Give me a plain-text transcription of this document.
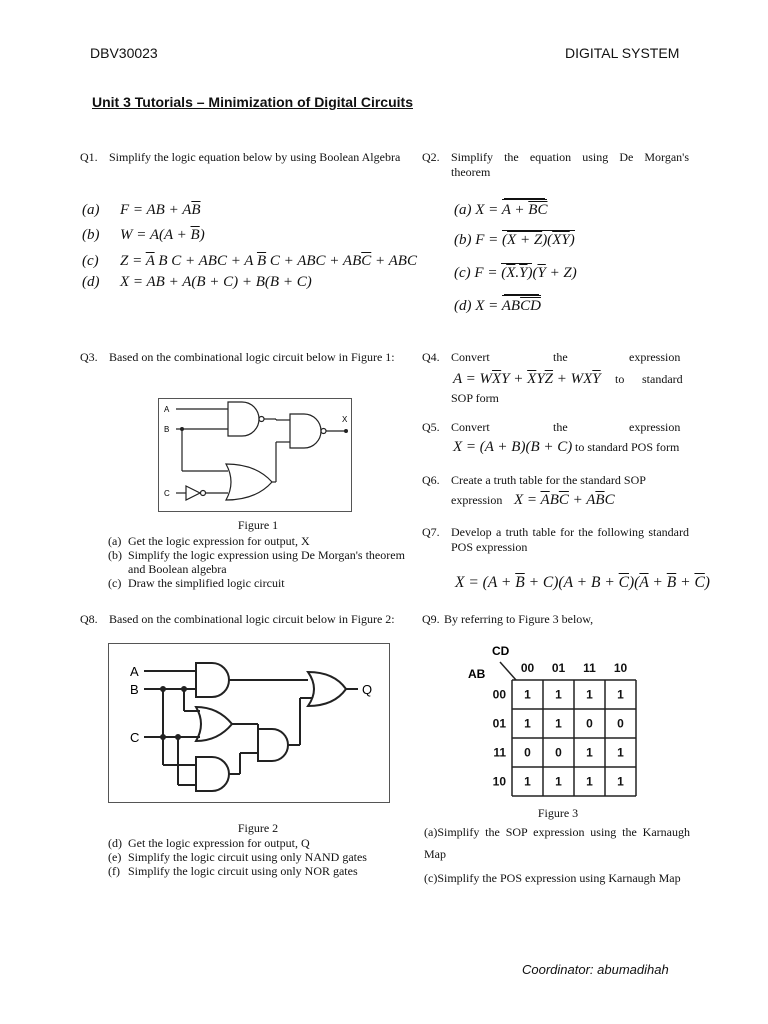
DBV30023	DIGITAL SYSTEM
Unit 3 Tutorials – Minimization of Digital Circuits
Q1. Simplify the logic equation below by using Boolean Algebra
(a) F = AB + $A\overline{B}$
(b) $W = A(A + \overline{B})$
(c) $Z = \overline{A}$ B C + ABC + A $\overline{B}$ C + ABC + $AB\overline{C}$ + ABC
(d) X = AB + A(B + C) + B(B + C)
Q2. Simplify the equation using De Morgan's theorem
(a) $X = A + \overline{BC}$
(b) $F = (X + Z)(\overline{XY})$
(c) $F = (\overline{X}.\overline{Y})(\overline{Y} + Z)$
(d) $X = AB\overline{CD}$
Q3. Based on the combinational logic circuit below in Figure 1:
A
B
C
X
Figure 1
(a) Get the logic expression for output, X
(b) Simplify the logic expression using De Morgan's theorem and Boolean algebra
(c) Draw the simplified logic circuit
Q4. Convert	the	expression
$A = W\overline{X}Y + \overline{X}Y\overline{Z} + WX\overline{Y}$ to standard
SOP form
Q5. Convert	the	expression
X = (A + B)(B + C) to standard POS form
Q6. Create a truth table for the standard SOP
expression $X = \overline{A}B\overline{C} + A\overline{B}C$
Q7. Develop a truth table for the following standard POS expression
$X = (A + \overline{B} + C)(A + B + \overline{C})(\overline{A} + \overline{B} + \overline{C})$
Q8. Based on the combinational logic circuit below in Figure 2:
A
B
C
Q
Figure 2
(d) Get the logic expression for output, Q
(e) Simplify the logic circuit using only NAND gates
(f) Simplify the logic circuit using only NOR gates
Q9. By referring to Figure 3 below,
CD
AB	00 01 11 10
00 1 1 1 1
01 1 1 0 0
11 0 0 1 1
10 1 1 1 1
Figure 3
(a)Simplify the SOP expression using the Karnaugh Map
(c)Simplify the POS expression using Karnaugh Map
Coordinator: abumadihah
